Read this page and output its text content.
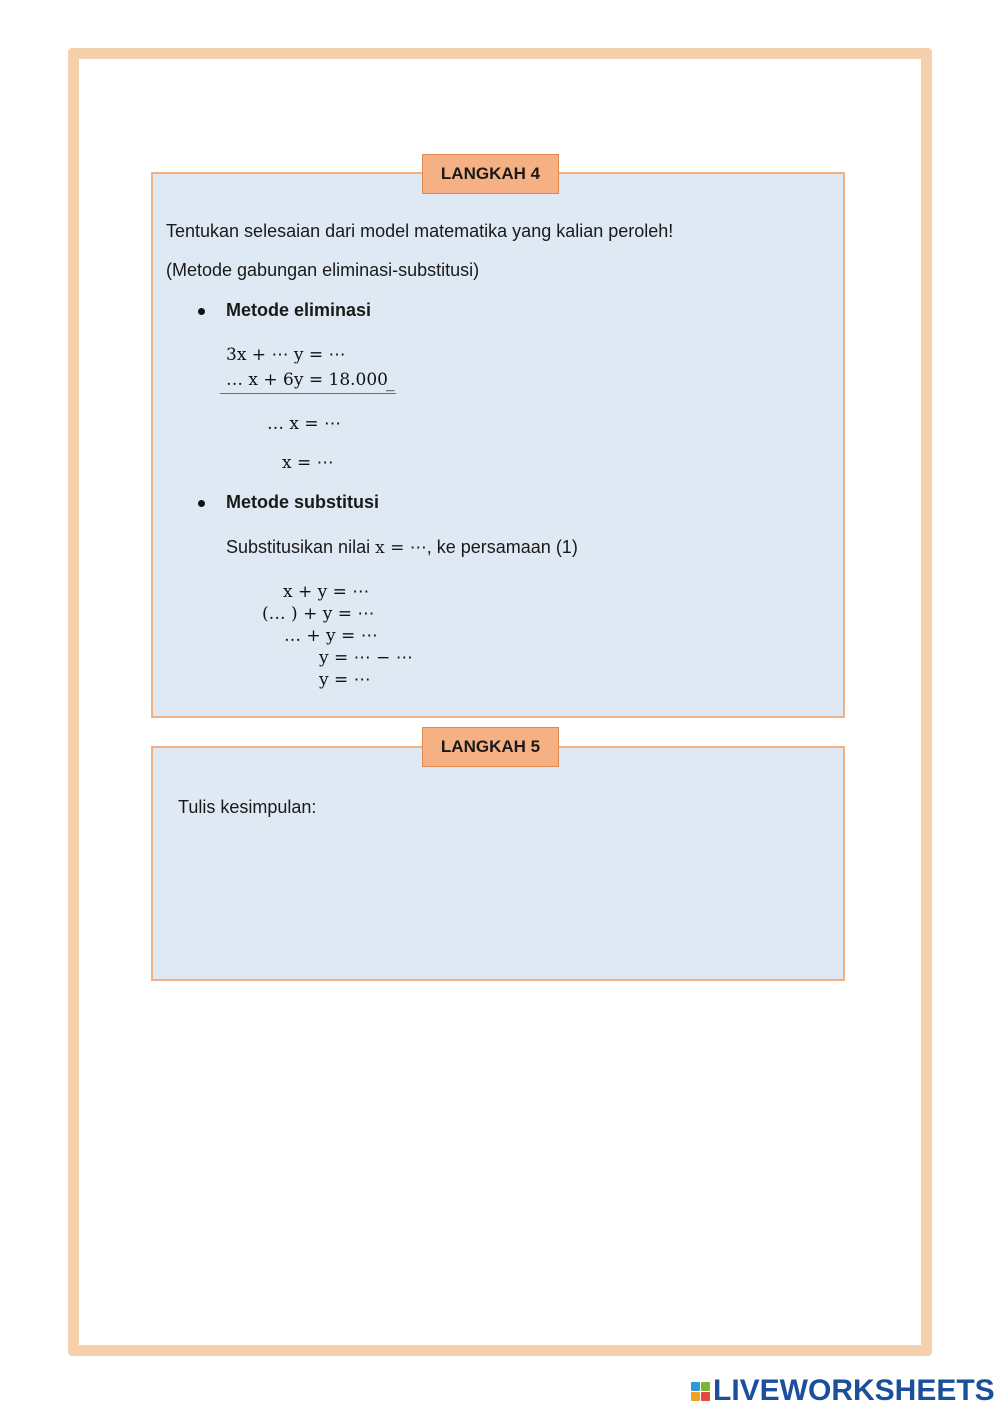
LANGKAH 4
Tentukan selesaian dari model matematika yang kalian peroleh!
(Metode gabungan eliminasi-substitusi)
Metode eliminasi
3x + ⋯ y = ⋯
… x + 6y = 18.000
_
… x = ⋯
x = ⋯
Metode substitusi
Substitusikan nilai x = ⋯, ke persamaan (1)
x + y = ⋯
(… ) + y = ⋯
… + y = ⋯
y = ⋯ − ⋯
y = ⋯
LANGKAH 5
Tulis kesimpulan:
LIVEWORKSHEETS
